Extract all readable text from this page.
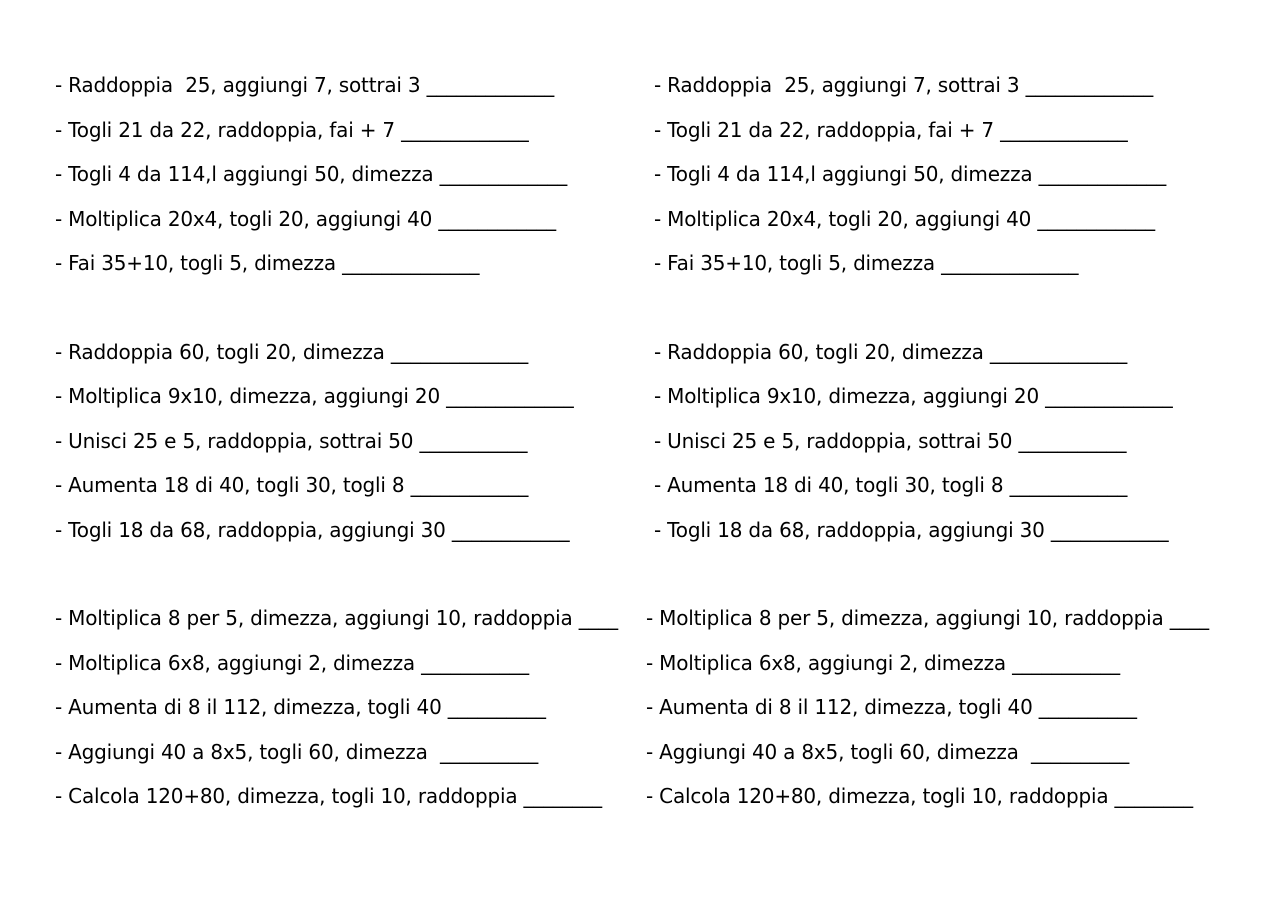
- Raddoppia  25, aggiungi 7, sottrai 3 _____________
- Togli 21 da 22, raddoppia, fai + 7 _____________
- Togli 4 da 114,l aggiungi 50, dimezza _____________
- Moltiplica 20x4, togli 20, aggiungi 40 ____________
- Fai 35+10, togli 5, dimezza ______________
- Raddoppia 60, togli 20, dimezza ______________
- Moltiplica 9x10, dimezza, aggiungi 20 _____________
- Unisci 25 e 5, raddoppia, sottrai 50 ___________
- Aumenta 18 di 40, togli 30, togli 8 ____________
- Togli 18 da 68, raddoppia, aggiungi 30 ____________
- Moltiplica 8 per 5, dimezza, aggiungi 10, raddoppia ____
- Moltiplica 6x8, aggiungi 2, dimezza ___________
- Aumenta di 8 il 112, dimezza, togli 40 __________
- Aggiungi 40 a 8x5, togli 60, dimezza  __________
- Calcola 120+80, dimezza, togli 10, raddoppia ________
- Raddoppia  25, aggiungi 7, sottrai 3 _____________
- Togli 21 da 22, raddoppia, fai + 7 _____________
- Togli 4 da 114,l aggiungi 50, dimezza _____________
- Moltiplica 20x4, togli 20, aggiungi 40 ____________
- Fai 35+10, togli 5, dimezza ______________
- Raddoppia 60, togli 20, dimezza ______________
- Moltiplica 9x10, dimezza, aggiungi 20 _____________
- Unisci 25 e 5, raddoppia, sottrai 50 ___________
- Aumenta 18 di 40, togli 30, togli 8 ____________
- Togli 18 da 68, raddoppia, aggiungi 30 ____________
- Moltiplica 8 per 5, dimezza, aggiungi 10, raddoppia ____
- Moltiplica 6x8, aggiungi 2, dimezza ___________
- Aumenta di 8 il 112, dimezza, togli 40 __________
- Aggiungi 40 a 8x5, togli 60, dimezza  __________
- Calcola 120+80, dimezza, togli 10, raddoppia ________
